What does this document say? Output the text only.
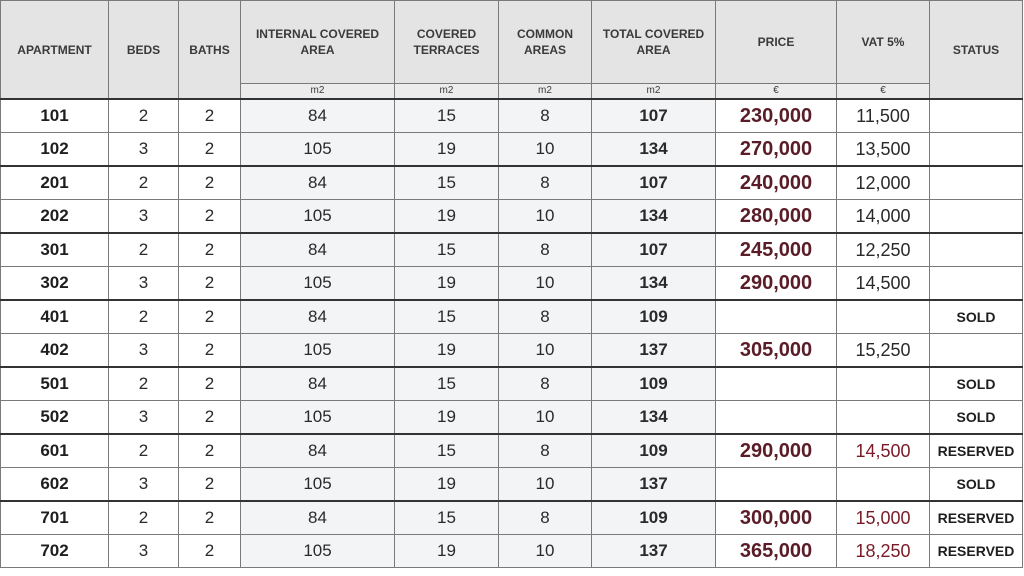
APARTMENT	BEDS	BATHS	INTERNAL COVERED AREA	COVERED TERRACES	COMMON AREAS	TOTAL COVERED AREA	PRICE	VAT 5%	STATUS
			m2	m2	m2	m2	€	€	
101	2	2	84	15	8	107	230,000	11,500	
102	3	2	105	19	10	134	270,000	13,500	
201	2	2	84	15	8	107	240,000	12,000	
202	3	2	105	19	10	134	280,000	14,000	
301	2	2	84	15	8	107	245,000	12,250	
302	3	2	105	19	10	134	290,000	14,500	
401	2	2	84	15	8	109			SOLD
402	3	2	105	19	10	137	305,000	15,250	
501	2	2	84	15	8	109			SOLD
502	3	2	105	19	10	134			SOLD
601	2	2	84	15	8	109	290,000	14,500	RESERVED
602	3	2	105	19	10	137			SOLD
701	2	2	84	15	8	109	300,000	15,000	RESERVED
702	3	2	105	19	10	137	365,000	18,250	RESERVED
